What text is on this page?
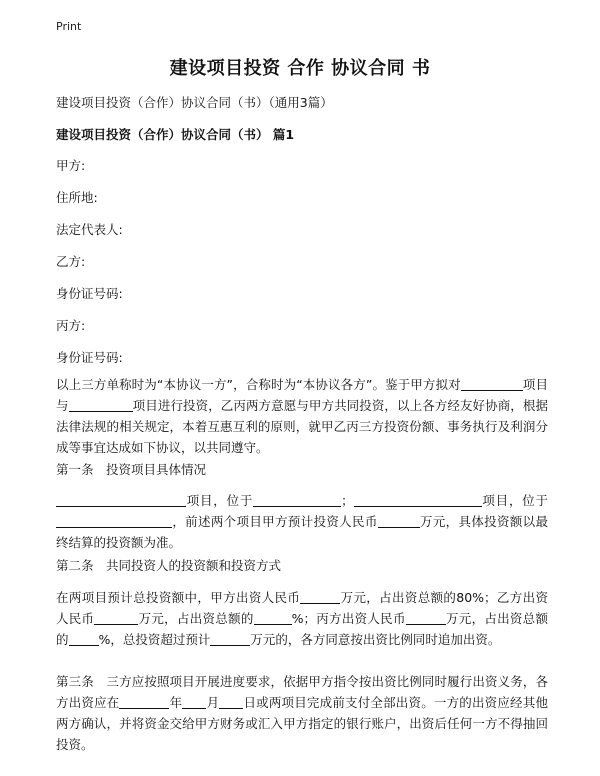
Print
建设项目投资 合作 协议合同 书
建设项目投资（合作）协议合同（书）（通用3篇）
建设项目投资（合作）协议合同（书） 篇1
甲方:
住所地:
法定代表人:
乙方:
身份证号码:
丙方:
身份证号码:
以上三方单称时为“本协议一方”，合称时为“本协议各方”。鉴于甲方拟对	项目与	项目进行投资，乙丙两方意愿与甲方共同投资，以上各方经友好协商，根据法律法规的相关规定，本着互惠互利的原则，就甲乙丙三方投资份额、事务执行及利润分成等事宜达成如下协议，以共同遵守。
第一条　投资项目具体情况
项目，位于	；	项目，位于，前述两个项目甲方预计投资人民币	万元，具体投资额以最终结算的投资额为准。
第二条　共同投资人的投资额和投资方式
在两项目预计总投资额中，甲方出资人民币	万元，占出资总额的80%；乙方出资人民币	万元，占出资总额的	%；丙方出资人民币	万元，占出资总额的 %，总投资超过预计	万元的，各方同意按出资比例同时追加出资。
第三条　三方应按照项目开展进度要求，依据甲方指令按出资比例同时履行出资义务，各方出资应在	年 月 日或两项目完成前支付全部出资。一方的出资应经其他两方确认，并将资金交给甲方财务或汇入甲方指定的银行账户，出资后任何一方不得抽回投资。
